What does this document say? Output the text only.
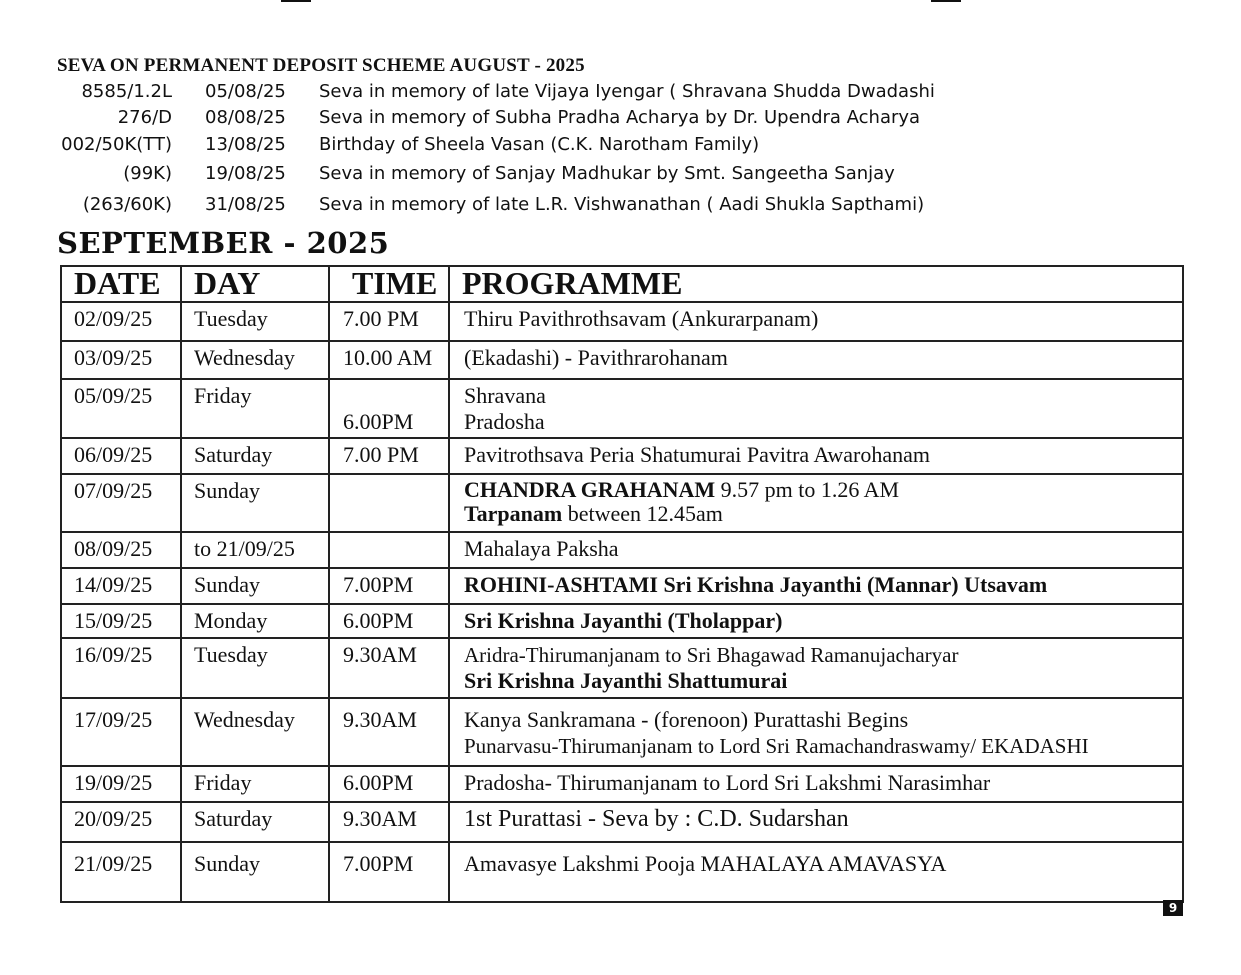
SEVA ON PERMANENT DEPOSIT SCHEME AUGUST - 2025
8585/1.2L 05/08/25 Seva in memory of late Vijaya Iyengar ( Shravana Shudda Dwadashi
276/D 08/08/25 Seva in memory of Subha Pradha Acharya by Dr. Upendra Acharya
002/50K(TT) 13/08/25 Birthday of Sheela Vasan (C.K. Narotham Family)
(99K) 19/08/25 Seva in memory of Sanjay Madhukar by Smt. Sangeetha Sanjay
(263/60K) 31/08/25 Seva in memory of late L.R. Vishwanathan ( Aadi Shukla Sapthami)
SEPTEMBER - 2025
DATE	DAY	TIME	PROGRAMME
02/09/25	Tuesday	7.00 PM	Thiru Pavithrothsavam (Ankurarpanam)
03/09/25	Wednesday	10.00 AM	(Ekadashi) - Pavithrarohanam
05/09/25	Friday	6.00PM	Shravana
Pradosha

06/09/25	Saturday	7.00 PM	Pavitrothsava Peria Shatumurai Pavitra Awarohanam
07/09/25	Sunday		CHANDRA GRAHANAM 9.57 pm to 1.26 AM
Tarpanam between 12.45am

08/09/25	to 21/09/25		Mahalaya Paksha
14/09/25	Sunday	7.00PM	ROHINI-ASHTAMI Sri Krishna Jayanthi (Mannar) Utsavam
15/09/25	Monday	6.00PM	Sri Krishna Jayanthi (Tholappar)
16/09/25	Tuesday	9.30AM	Aridra-Thirumanjanam to Sri Bhagawad Ramanujacharyar
Sri Krishna Jayanthi Shattumurai

17/09/25	Wednesday	9.30AM	Kanya Sankramana - (forenoon) Purattashi Begins
Punarvasu-Thirumanjanam to Lord Sri Ramachandraswamy/ EKADASHI

19/09/25	Friday	6.00PM	Pradosha- Thirumanjanam to Lord Sri Lakshmi Narasimhar
20/09/25	Saturday	9.30AM	1st Purattasi - Seva by : C.D. Sudarshan
21/09/25	Sunday	7.00PM	Amavasye Lakshmi Pooja MAHALAYA AMAVASYA
9
